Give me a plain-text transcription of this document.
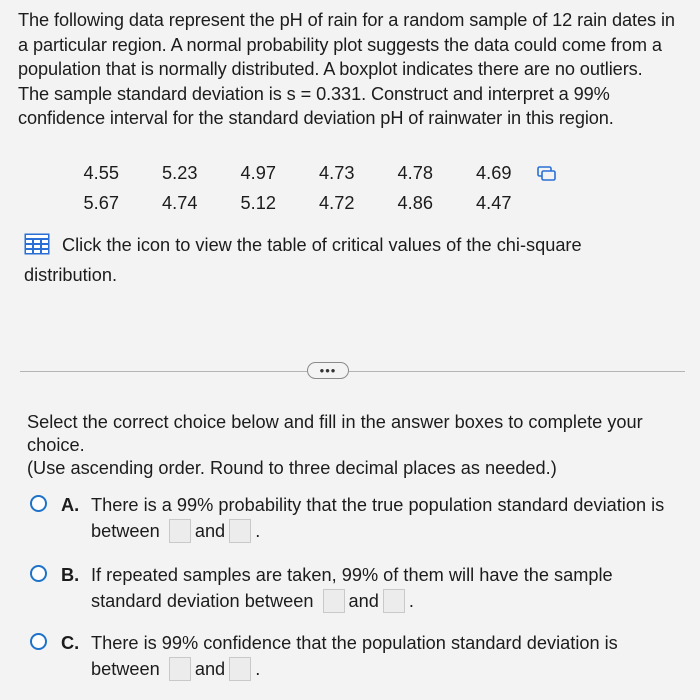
The following data represent the pH of rain for a random sample of 12 rain dates in a particular region. A normal probability plot suggests the data could come from a population that is normally distributed. A boxplot indicates there are no outliers. The sample standard deviation is s = 0.331. Construct and interpret a 99% confidence interval for the standard deviation pH of rainwater in this region.
4.55	5.23	4.97	4.73	4.78	4.69
5.67	4.74	5.12	4.72	4.86	4.47
Click the icon to view the table of critical values of the chi-square distribution.
•••
Select the correct choice below and fill in the answer boxes to complete your choice.
(Use ascending order. Round to three decimal places as needed.)
A. There is a 99% probability that the true population standard deviation is between and .
B. If repeated samples are taken, 99% of them will have the sample standard deviation between and .
C. There is 99% confidence that the population standard deviation is between and .
